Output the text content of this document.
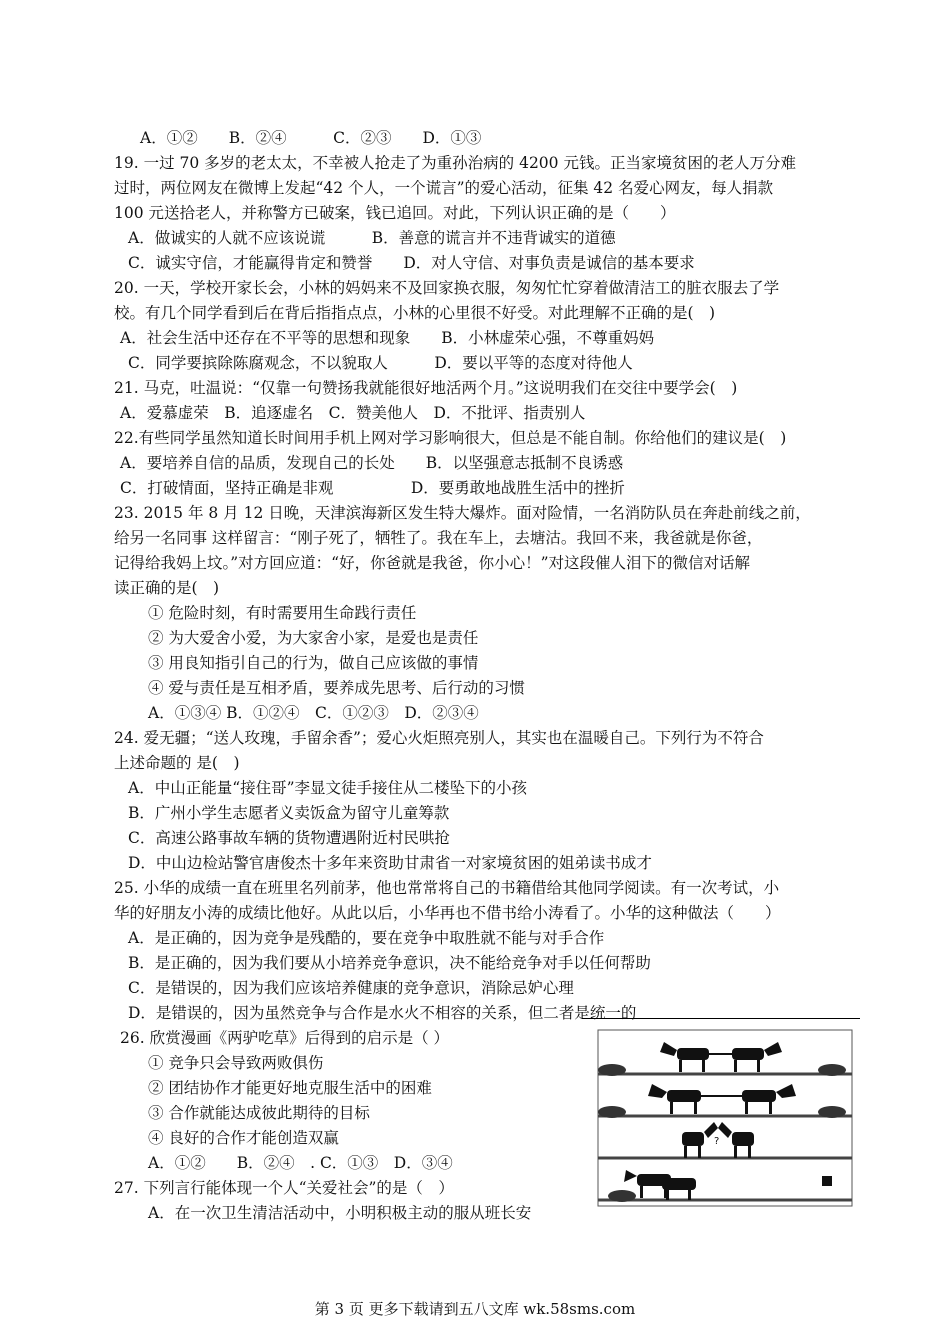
A．①②　　B．②④　　　C．②③　　D．①③
19. 一过 70 多岁的老太太，不幸被人抢走了为重孙治病的 4200 元钱。正当家境贫困的老人万分难
过时，两位网友在微博上发起“42 个人，一个谎言”的爱心活动，征集 42 名爱心网友，每人捐款
100 元送拾老人，并称警方已破案，钱已追回。对此，下列认识正确的是（　　）
A．做诚实的人就不应该说谎　　　B．善意的谎言并不违背诚实的道德
C．诚实守信，才能赢得肯定和赞誉　　D．对人守信、对事负责是诚信的基本要求
20. 一天，学校开家长会，小林的妈妈来不及回家换衣服，匆匆忙忙穿着做清洁工的脏衣服去了学
校。有几个同学看到后在背后指指点点，小林的心里很不好受。对此理解不正确的是(　)
A．社会生活中还存在不平等的思想和现象　　B．小林虚荣心强，不尊重妈妈
C．同学要摈除陈腐观念，不以貌取人　　　D．要以平等的态度对待他人
21. 马克，吐温说：“仅靠一句赞扬我就能很好地活两个月。”这说明我们在交往中要学会(　)
A．爱慕虚荣　B．追逐虚名　C．赞美他人　D．不批评、指责别人
22.有些同学虽然知道长时间用手机上网对学习影响很大，但总是不能自制。你给他们的建议是(　)
A．要培养自信的品质，发现自己的长处　　B．以坚强意志抵制不良诱惑
C．打破情面，坚持正确是非观　　　　　D．要勇敢地战胜生活中的挫折
23. 2015 年 8 月 12 日晚，天津滨海新区发生特大爆炸。面对险情，一名消防队员在奔赴前线之前，
给另一名同事 这样留言：“刚子死了，牺牲了。我在车上，去塘沽。我回不来，我爸就是你爸，
记得给我妈上坟。”对方回应道：“好，你爸就是我爸，你小心！”对这段催人泪下的微信对话解
读正确的是(　)
① 危险时刻，有时需要用生命践行责任
② 为大爱舍小爱，为大家舍小家，是爱也是责任
③ 用良知指引自己的行为，做自己应该做的事情
④ 爱与责任是互相矛盾，要养成先思考、后行动的习惯
A．①③④ B．①②④　C．①②③　D．②③④
24. 爱无疆；“送人玫瑰，手留余香”；爱心火炬照亮别人，其实也在温暖自己。下列行为不符合
上述命题的 是(　)
A．中山正能量“接住哥”李显文徒手接住从二楼坠下的小孩
B．广州小学生志愿者义卖饭盒为留守儿童筹款
C．高速公路事故车辆的货物遭遇附近村民哄抢
D．中山边检站警官唐俊杰十多年来资助甘肃省一对家境贫困的姐弟读书成才
25. 小华的成绩一直在班里名列前茅，他也常常将自己的书籍借给其他同学阅读。有一次考试，小
华的好朋友小涛的成绩比他好。从此以后，小华再也不借书给小涛看了。小华的这种做法（　　）
A．是正确的，因为竞争是残酷的，要在竞争中取胜就不能与对手合作
B．是正确的，因为我们要从小培养竞争意识，决不能给竞争对手以任何帮助
C．是错误的，因为我们应该培养健康的竞争意识，消除忌妒心理
D．是错误的，因为虽然竞争与合作是水火不相容的关系，但二者是统一的
26. 欣赏漫画《两驴吃草》后得到的启示是（ ）
① 竞争只会导致两败俱伤
② 团结协作才能更好地克服生活中的困难
③ 合作就能达成彼此期待的目标
④ 良好的合作才能创造双赢
A．①②　　B．②④　. C．①③　D．③④
27. 下列言行能体现一个人“关爱社会”的是（　）
A．在一次卫生清洁活动中，小明积极主动的服从班长安
?
第 3 页 更多下载请到五八文库 wk.58sms.com
